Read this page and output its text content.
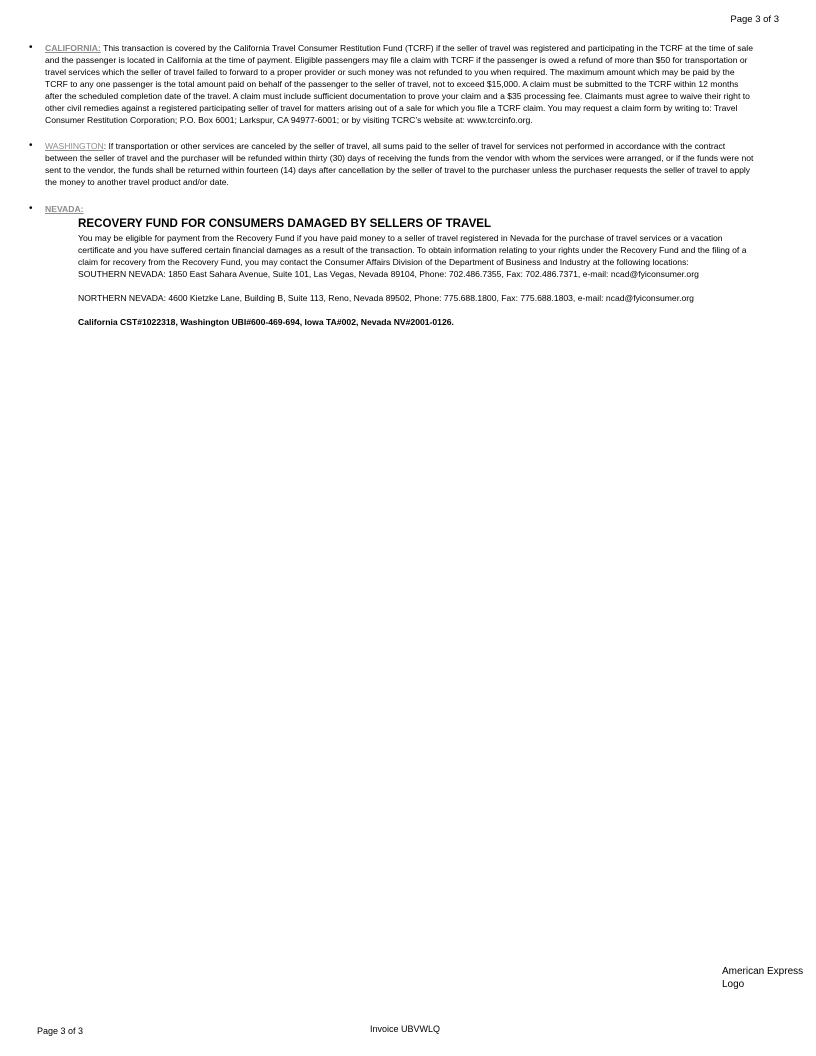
Page 3 of 3
• CALIFORNIA: This transaction is covered by the California Travel Consumer Restitution Fund (TCRF) if the seller of travel was registered and participating in the TCRF at the time of sale and the passenger is located in California at the time of payment. Eligible passengers may file a claim with TCRF if the passenger is owed a refund of more than $50 for transportation or travel services which the seller of travel failed to forward to a proper provider or such money was not refunded to you when required. The maximum amount which may be paid by the TCRF to any one passenger is the total amount paid on behalf of the passenger to the seller of travel, not to exceed $15,000. A claim must be submitted to the TCRF within 12 months after the scheduled completion date of the travel. A claim must include sufficient documentation to prove your claim and a $35 processing fee. Claimants must agree to waive their right to other civil remedies against a registered participating seller of travel for matters arising out of a sale for which you file a TCRF claim. You may request a claim form by writing to: Travel Consumer Restitution Corporation; P.O. Box 6001; Larkspur, CA 94977-6001; or by visiting TCRC’s website at: www.tcrcinfo.org.
• WASHINGTON: If transportation or other services are canceled by the seller of travel, all sums paid to the seller of travel for services not performed in accordance with the contract between the seller of travel and the purchaser will be refunded within thirty (30) days of receiving the funds from the vendor with whom the services were arranged, or if the funds were not sent to the vendor, the funds shall be returned within fourteen (14) days after cancellation by the seller of travel to the purchaser unless the purchaser requests the seller of travel to apply the money to another travel product and/or date.
• NEVADA:
RECOVERY FUND FOR CONSUMERS DAMAGED BY SELLERS OF TRAVEL
You may be eligible for payment from the Recovery Fund if you have paid money to a seller of travel registered in Nevada for the purchase of travel services or a vacation certificate and you have suffered certain financial damages as a result of the transaction. To obtain information relating to your rights under the Recovery Fund and the filing of a claim for recovery from the Recovery Fund, you may contact the Consumer Affairs Division of the Department of Business and Industry at the following locations:
SOUTHERN NEVADA: 1850 East Sahara Avenue, Suite 101, Las Vegas, Nevada 89104, Phone: 702.486.7355, Fax: 702.486.7371, e-mail: ncad@fyiconsumer.org
NORTHERN NEVADA: 4600 Kietzke Lane, Building B, Suite 113, Reno, Nevada 89502, Phone: 775.688.1800, Fax: 775.688.1803, e-mail: ncad@fyiconsumer.org
California CST#1022318, Washington UBI#600-469-694, Iowa TA#002, Nevada NV#2001-0126.
American Express
Logo
Page 3 of 3	Invoice UBVWLQ
